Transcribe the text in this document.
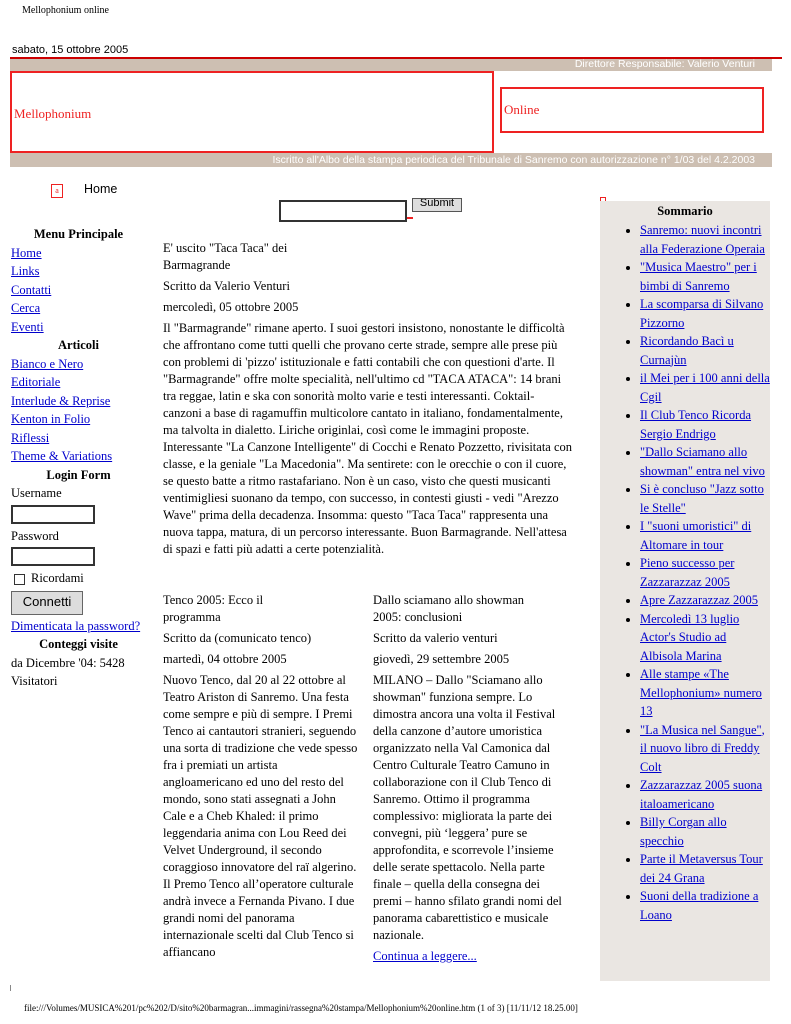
Mellophonium online
sabato, 15 ottobre 2005
Direttore Responsabile: Valerio Venturi
Mellophonium	Online
Iscritto all'Albo della stampa periodica del Tribunale di Sanremo con autorizzazione n° 1/03 del 4.2.2003
a	Home
Submit
Menu Principale
Home
Links
Contatti
Cerca
Eventi
Articoli
Bianco e Nero
Editoriale
Interlude & Reprise
Kenton in Folio
Riflessi
Theme & Variations
Login Form
Username
Password
Ricordami
Connetti
Dimenticata la password?
Conteggi visite
da Dicembre '04: 5428 Visitatori

E' uscito "Taca Taca" dei Barmagrande

Scritto da Valerio Venturi

mercoledì, 05 ottobre 2005

Il "Barmagrande" rimane aperto. I suoi gestori insistono, nonostante le difficoltà che affrontano come tutti quelli che provano certe strade, sempre alle prese più con problemi di 'pizzo' istituzionale e fatti contabili che con questioni d'arte. Il "Barmagrande" offre molte specialità, nell'ultimo cd "TACA ATACA": 14 brani tra reggae, latin e ska con sonorità molto varie e testi interessanti. Coktail-canzoni a base di ragamuffin multicolore cantato in italiano, fondamentalmente, ma talvolta in dialetto. Liriche originlai, così come le immagini proposte. Interessante "La Canzone Intelligente" di Cocchi e Renato Pozzetto, rivisitata con classe, e la geniale "La Macedonia". Ma sentirete: con le orecchie o con il cuore, se questo batte a ritmo rastafariano. Non è un caso, visto che questi musicanti ventimigliesi suonano da tempo, con successo, in contesti giusti - vedi "Arezzo Wave" prima della decadenza. Insomma: questo "Taca Taca" rappresenta una nuova tappa, matura, di un percorso interessante. Buon Barmagrande. Nell'attesa di spazi e fatti più adatti a certe potenzialità.

Tenco 2005: Ecco il programma

Scritto da (comunicato tenco)

martedì, 04 ottobre 2005

Nuovo Tenco, dal 20 al 22 ottobre al Teatro Ariston di Sanremo. Una festa come sempre e più di sempre. I Premi Tenco ai cantautori stranieri, seguendo una sorta di tradizione che vede spesso fra i premiati un artista angloamericano ed uno del resto del mondo, sono stati assegnati a John Cale e a Cheb Khaled: il primo leggendaria anima con Lou Reed dei Velvet Underground, il secondo coraggioso innovatore del raï algerino. Il Premo Tenco all’operatore culturale andrà invece a Fernanda Pivano. I due grandi nomi del panorama internazionale scelti dal Club Tenco si affiancano

Dallo sciamano allo showman 2005: conclusioni

Scritto da valerio venturi

giovedì, 29 settembre 2005

MILANO – Dallo "Sciamano allo showman" funziona sempre. Lo dimostra ancora una volta il Festival della canzone d’autore umoristica organizzato nella Val Camonica dal Centro Culturale Teatro Camuno in collaborazione con il Club Tenco di Sanremo. Ottimo il programma complessivo: migliorata la parte dei convegni, più ‘leggera’ pure se approfondita, e scorrevole l’insieme delle serate spettacolo. Nella parte finale – quella della consegna dei premi – hanno sfilato grandi nomi del panorama cabarettistico e musicale nazionale.

Continua a leggere...
Sommario
• Sanremo: nuovi incontri alla Federazione Operaia
• "Musica Maestro" per i bimbi di Sanremo
• La scomparsa di Silvano Pizzorno
• Ricordando Bacì u Curnajùn
• il Mei per i 100 anni della Cgil
• Il Club Tenco Ricorda Sergio Endrigo
• "Dallo Sciamano allo showman" entra nel vivo
• Si è concluso "Jazz sotto le Stelle"
• I "suoni umoristici" di Altomare in tour
• Pieno successo per Zazzarazzaz 2005
• Apre Zazzarazzaz 2005
• Mercoledì 13 luglio Actor's Studio ad Albisola Marina
• Alle stampe «The Mellophonium» numero 13
• "La Musica nel Sangue", il nuovo libro di Freddy Colt
• Zazzarazzaz 2005 suona italoamericano
• Billy Corgan allo specchio
• Parte il Metaversus Tour dei 24 Grana
• Suoni della tradizione a Loano
file:///Volumes/MUSICA%201/pc%202/D/sito%20barmagran...immagini/rassegna%20stampa/Mellophonium%20online.htm (1 of 3) [11/11/12 18.25.00]
